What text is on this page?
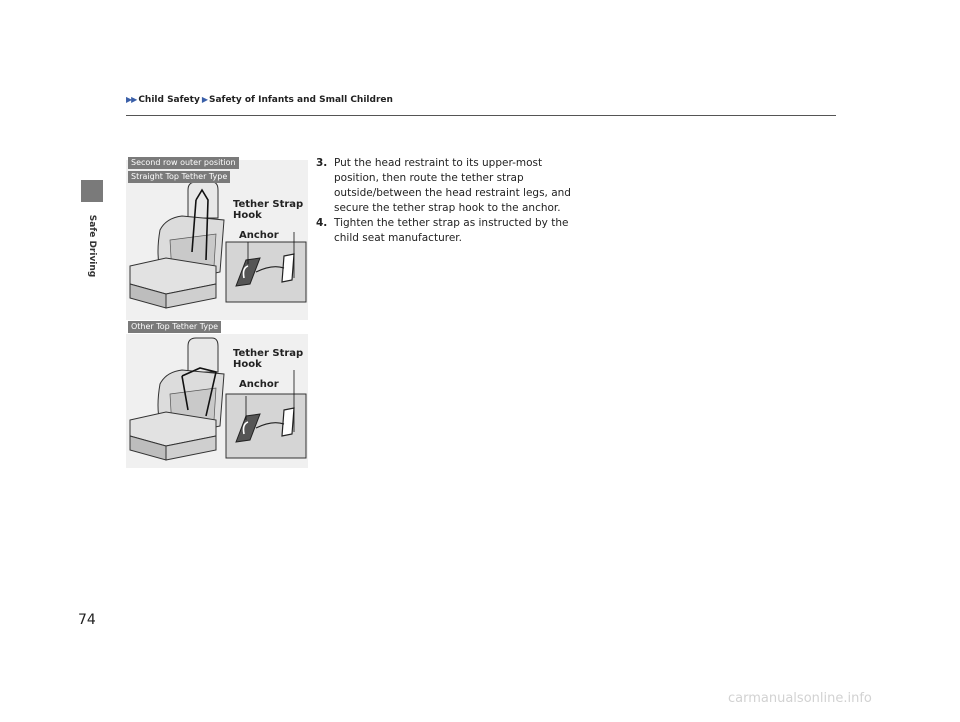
▶▶ Child Safety ▶ Safety of Infants and Small Children
Safe Driving
Second row outer position
Straight Top Tether Type
Tether Strap
Hook
Anchor
Other Top Tether Type
Tether Strap
Hook
Anchor
3. Put the head restraint to its upper-most position, then route the tether strap outside/between the head restraint legs, and secure the tether strap hook to the anchor.
4. Tighten the tether strap as instructed by the child seat manufacturer.
74
carmanualsonline.info
